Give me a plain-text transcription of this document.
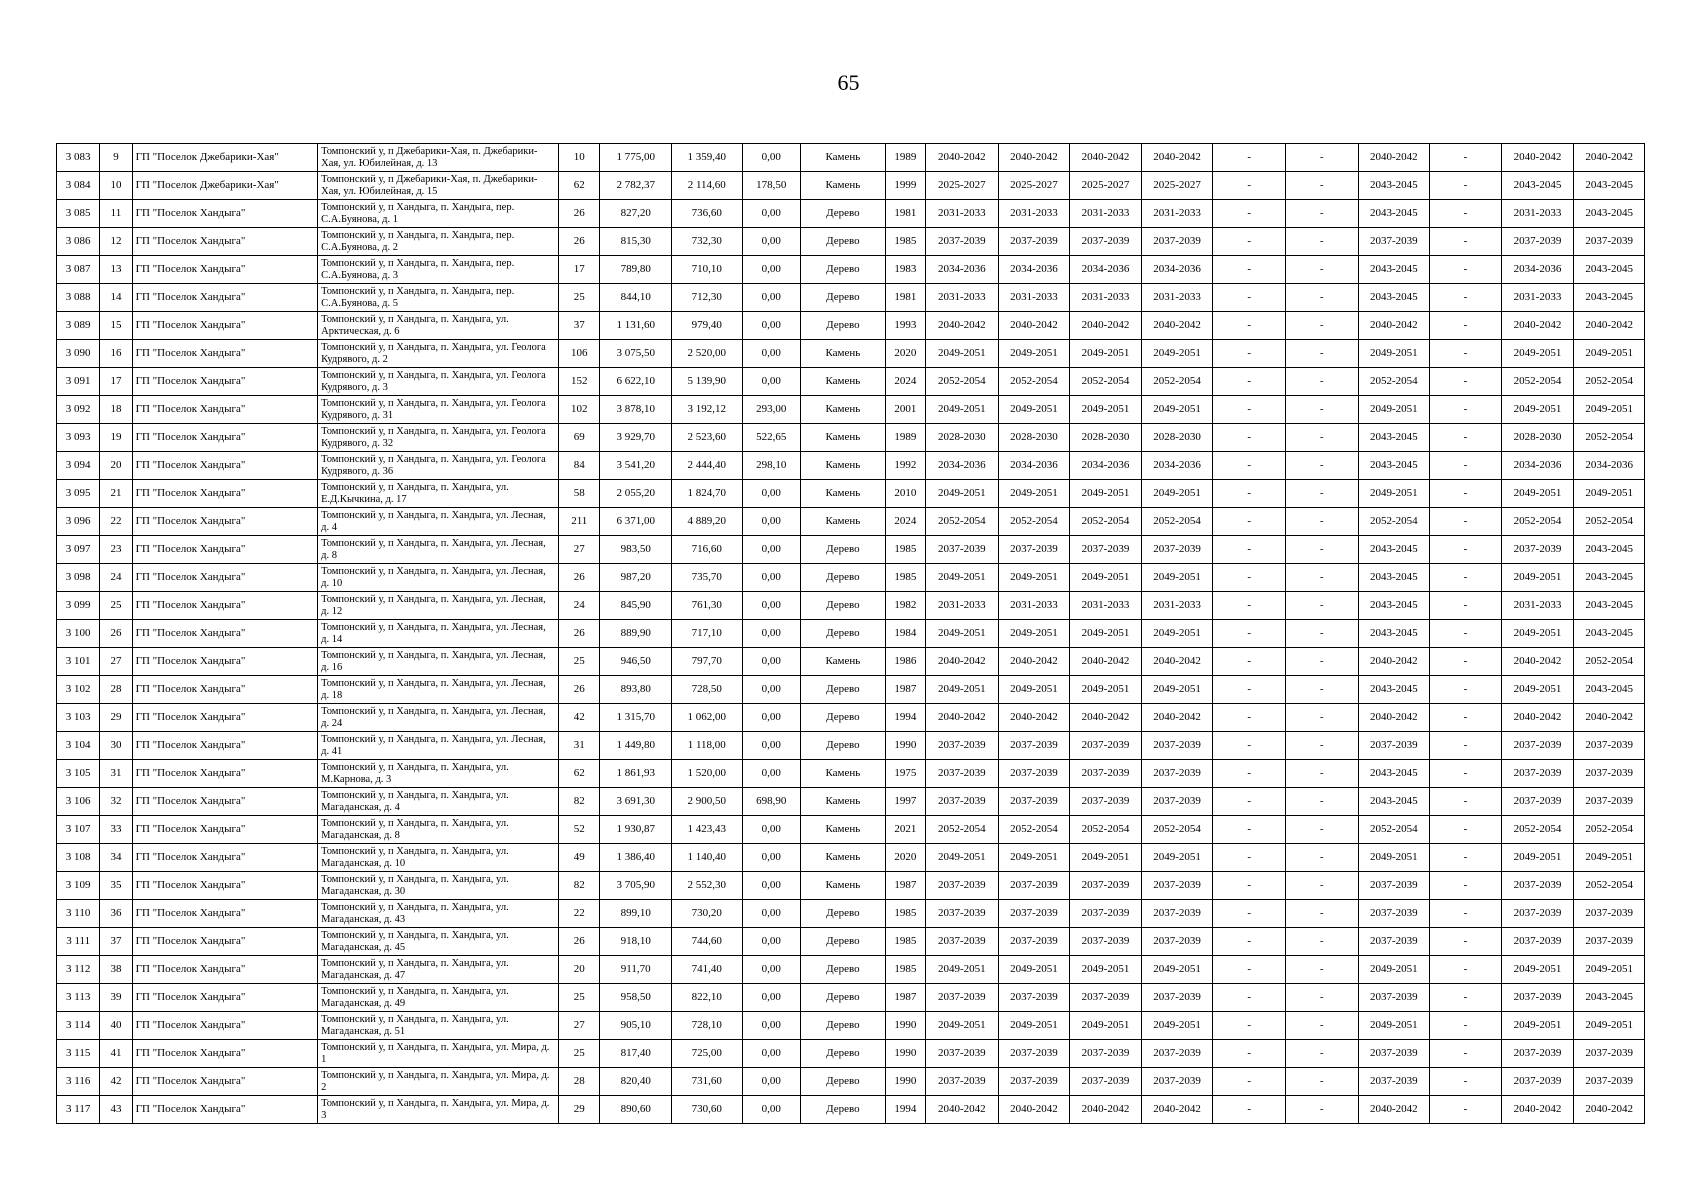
65
3 083	9	ГП "Поселок Джебарики-Хая"	Томпонский у, п Джебарики-Хая, п. Джебарики-Хая, ул. Юбилейная, д. 13	10	1 775,00	1 359,40	0,00	Камень	1989	2040-2042	2040-2042	2040-2042	2040-2042	-	-	2040-2042	-	2040-2042	2040-2042
3 084	10	ГП "Поселок Джебарики-Хая"	Томпонский у, п Джебарики-Хая, п. Джебарики-Хая, ул. Юбилейная, д. 15	62	2 782,37	2 114,60	178,50	Камень	1999	2025-2027	2025-2027	2025-2027	2025-2027	-	-	2043-2045	-	2043-2045	2043-2045
3 085	11	ГП "Поселок Хандыга"	Томпонский у, п Хандыга, п. Хандыга, пер. С.А.Буянова, д. 1	26	827,20	736,60	0,00	Дерево	1981	2031-2033	2031-2033	2031-2033	2031-2033	-	-	2043-2045	-	2031-2033	2043-2045
3 086	12	ГП "Поселок Хандыга"	Томпонский у, п Хандыга, п. Хандыга, пер. С.А.Буянова, д. 2	26	815,30	732,30	0,00	Дерево	1985	2037-2039	2037-2039	2037-2039	2037-2039	-	-	2037-2039	-	2037-2039	2037-2039
3 087	13	ГП "Поселок Хандыга"	Томпонский у, п Хандыга, п. Хандыга, пер. С.А.Буянова, д. 3	17	789,80	710,10	0,00	Дерево	1983	2034-2036	2034-2036	2034-2036	2034-2036	-	-	2043-2045	-	2034-2036	2043-2045
3 088	14	ГП "Поселок Хандыга"	Томпонский у, п Хандыга, п. Хандыга, пер. С.А.Буянова, д. 5	25	844,10	712,30	0,00	Дерево	1981	2031-2033	2031-2033	2031-2033	2031-2033	-	-	2043-2045	-	2031-2033	2043-2045
3 089	15	ГП "Поселок Хандыга"	Томпонский у, п Хандыга, п. Хандыга, ул. Арктическая, д. 6	37	1 131,60	979,40	0,00	Дерево	1993	2040-2042	2040-2042	2040-2042	2040-2042	-	-	2040-2042	-	2040-2042	2040-2042
3 090	16	ГП "Поселок Хандыга"	Томпонский у, п Хандыга, п. Хандыга, ул. Геолога Кудрявого, д. 2	106	3 075,50	2 520,00	0,00	Камень	2020	2049-2051	2049-2051	2049-2051	2049-2051	-	-	2049-2051	-	2049-2051	2049-2051
3 091	17	ГП "Поселок Хандыга"	Томпонский у, п Хандыга, п. Хандыга, ул. Геолога Кудрявого, д. 3	152	6 622,10	5 139,90	0,00	Камень	2024	2052-2054	2052-2054	2052-2054	2052-2054	-	-	2052-2054	-	2052-2054	2052-2054
3 092	18	ГП "Поселок Хандыга"	Томпонский у, п Хандыга, п. Хандыга, ул. Геолога Кудрявого, д. 31	102	3 878,10	3 192,12	293,00	Камень	2001	2049-2051	2049-2051	2049-2051	2049-2051	-	-	2049-2051	-	2049-2051	2049-2051
3 093	19	ГП "Поселок Хандыга"	Томпонский у, п Хандыга, п. Хандыга, ул. Геолога Кудрявого, д. 32	69	3 929,70	2 523,60	522,65	Камень	1989	2028-2030	2028-2030	2028-2030	2028-2030	-	-	2043-2045	-	2028-2030	2052-2054
3 094	20	ГП "Поселок Хандыга"	Томпонский у, п Хандыга, п. Хандыга, ул. Геолога Кудрявого, д. 36	84	3 541,20	2 444,40	298,10	Камень	1992	2034-2036	2034-2036	2034-2036	2034-2036	-	-	2043-2045	-	2034-2036	2034-2036
3 095	21	ГП "Поселок Хандыга"	Томпонский у, п Хандыга, п. Хандыга, ул. Е.Д.Кычкина, д. 17	58	2 055,20	1 824,70	0,00	Камень	2010	2049-2051	2049-2051	2049-2051	2049-2051	-	-	2049-2051	-	2049-2051	2049-2051
3 096	22	ГП "Поселок Хандыга"	Томпонский у, п Хандыга, п. Хандыга, ул. Лесная, д. 4	211	6 371,00	4 889,20	0,00	Камень	2024	2052-2054	2052-2054	2052-2054	2052-2054	-	-	2052-2054	-	2052-2054	2052-2054
3 097	23	ГП "Поселок Хандыга"	Томпонский у, п Хандыга, п. Хандыга, ул. Лесная, д. 8	27	983,50	716,60	0,00	Дерево	1985	2037-2039	2037-2039	2037-2039	2037-2039	-	-	2043-2045	-	2037-2039	2043-2045
3 098	24	ГП "Поселок Хандыга"	Томпонский у, п Хандыга, п. Хандыга, ул. Лесная, д. 10	26	987,20	735,70	0,00	Дерево	1985	2049-2051	2049-2051	2049-2051	2049-2051	-	-	2043-2045	-	2049-2051	2043-2045
3 099	25	ГП "Поселок Хандыга"	Томпонский у, п Хандыга, п. Хандыга, ул. Лесная, д. 12	24	845,90	761,30	0,00	Дерево	1982	2031-2033	2031-2033	2031-2033	2031-2033	-	-	2043-2045	-	2031-2033	2043-2045
3 100	26	ГП "Поселок Хандыга"	Томпонский у, п Хандыга, п. Хандыга, ул. Лесная, д. 14	26	889,90	717,10	0,00	Дерево	1984	2049-2051	2049-2051	2049-2051	2049-2051	-	-	2043-2045	-	2049-2051	2043-2045
3 101	27	ГП "Поселок Хандыга"	Томпонский у, п Хандыга, п. Хандыга, ул. Лесная, д. 16	25	946,50	797,70	0,00	Камень	1986	2040-2042	2040-2042	2040-2042	2040-2042	-	-	2040-2042	-	2040-2042	2052-2054
3 102	28	ГП "Поселок Хандыга"	Томпонский у, п Хандыга, п. Хандыга, ул. Лесная, д. 18	26	893,80	728,50	0,00	Дерево	1987	2049-2051	2049-2051	2049-2051	2049-2051	-	-	2043-2045	-	2049-2051	2043-2045
3 103	29	ГП "Поселок Хандыга"	Томпонский у, п Хандыга, п. Хандыга, ул. Лесная, д. 24	42	1 315,70	1 062,00	0,00	Дерево	1994	2040-2042	2040-2042	2040-2042	2040-2042	-	-	2040-2042	-	2040-2042	2040-2042
3 104	30	ГП "Поселок Хандыга"	Томпонский у, п Хандыга, п. Хандыга, ул. Лесная, д. 41	31	1 449,80	1 118,00	0,00	Дерево	1990	2037-2039	2037-2039	2037-2039	2037-2039	-	-	2037-2039	-	2037-2039	2037-2039
3 105	31	ГП "Поселок Хандыга"	Томпонский у, п Хандыга, п. Хандыга, ул. М.Карнова, д. 3	62	1 861,93	1 520,00	0,00	Камень	1975	2037-2039	2037-2039	2037-2039	2037-2039	-	-	2043-2045	-	2037-2039	2037-2039
3 106	32	ГП "Поселок Хандыга"	Томпонский у, п Хандыга, п. Хандыга, ул. Магаданская, д. 4	82	3 691,30	2 900,50	698,90	Камень	1997	2037-2039	2037-2039	2037-2039	2037-2039	-	-	2043-2045	-	2037-2039	2037-2039
3 107	33	ГП "Поселок Хандыга"	Томпонский у, п Хандыга, п. Хандыга, ул. Магаданская, д. 8	52	1 930,87	1 423,43	0,00	Камень	2021	2052-2054	2052-2054	2052-2054	2052-2054	-	-	2052-2054	-	2052-2054	2052-2054
3 108	34	ГП "Поселок Хандыга"	Томпонский у, п Хандыга, п. Хандыга, ул. Магаданская, д. 10	49	1 386,40	1 140,40	0,00	Камень	2020	2049-2051	2049-2051	2049-2051	2049-2051	-	-	2049-2051	-	2049-2051	2049-2051
3 109	35	ГП "Поселок Хандыга"	Томпонский у, п Хандыга, п. Хандыга, ул. Магаданская, д. 30	82	3 705,90	2 552,30	0,00	Камень	1987	2037-2039	2037-2039	2037-2039	2037-2039	-	-	2037-2039	-	2037-2039	2052-2054
3 110	36	ГП "Поселок Хандыга"	Томпонский у, п Хандыга, п. Хандыга, ул. Магаданская, д. 43	22	899,10	730,20	0,00	Дерево	1985	2037-2039	2037-2039	2037-2039	2037-2039	-	-	2037-2039	-	2037-2039	2037-2039
3 111	37	ГП "Поселок Хандыга"	Томпонский у, п Хандыга, п. Хандыга, ул. Магаданская, д. 45	26	918,10	744,60	0,00	Дерево	1985	2037-2039	2037-2039	2037-2039	2037-2039	-	-	2037-2039	-	2037-2039	2037-2039
3 112	38	ГП "Поселок Хандыга"	Томпонский у, п Хандыга, п. Хандыга, ул. Магаданская, д. 47	20	911,70	741,40	0,00	Дерево	1985	2049-2051	2049-2051	2049-2051	2049-2051	-	-	2049-2051	-	2049-2051	2049-2051
3 113	39	ГП "Поселок Хандыга"	Томпонский у, п Хандыга, п. Хандыга, ул. Магаданская, д. 49	25	958,50	822,10	0,00	Дерево	1987	2037-2039	2037-2039	2037-2039	2037-2039	-	-	2037-2039	-	2037-2039	2043-2045
3 114	40	ГП "Поселок Хандыга"	Томпонский у, п Хандыга, п. Хандыга, ул. Магаданская, д. 51	27	905,10	728,10	0,00	Дерево	1990	2049-2051	2049-2051	2049-2051	2049-2051	-	-	2049-2051	-	2049-2051	2049-2051
3 115	41	ГП "Поселок Хандыга"	Томпонский у, п Хандыга, п. Хандыга, ул. Мира, д. 1	25	817,40	725,00	0,00	Дерево	1990	2037-2039	2037-2039	2037-2039	2037-2039	-	-	2037-2039	-	2037-2039	2037-2039
3 116	42	ГП "Поселок Хандыга"	Томпонский у, п Хандыга, п. Хандыга, ул. Мира, д. 2	28	820,40	731,60	0,00	Дерево	1990	2037-2039	2037-2039	2037-2039	2037-2039	-	-	2037-2039	-	2037-2039	2037-2039
3 117	43	ГП "Поселок Хандыга"	Томпонский у, п Хандыга, п. Хандыга, ул. Мира, д. 3	29	890,60	730,60	0,00	Дерево	1994	2040-2042	2040-2042	2040-2042	2040-2042	-	-	2040-2042	-	2040-2042	2040-2042
